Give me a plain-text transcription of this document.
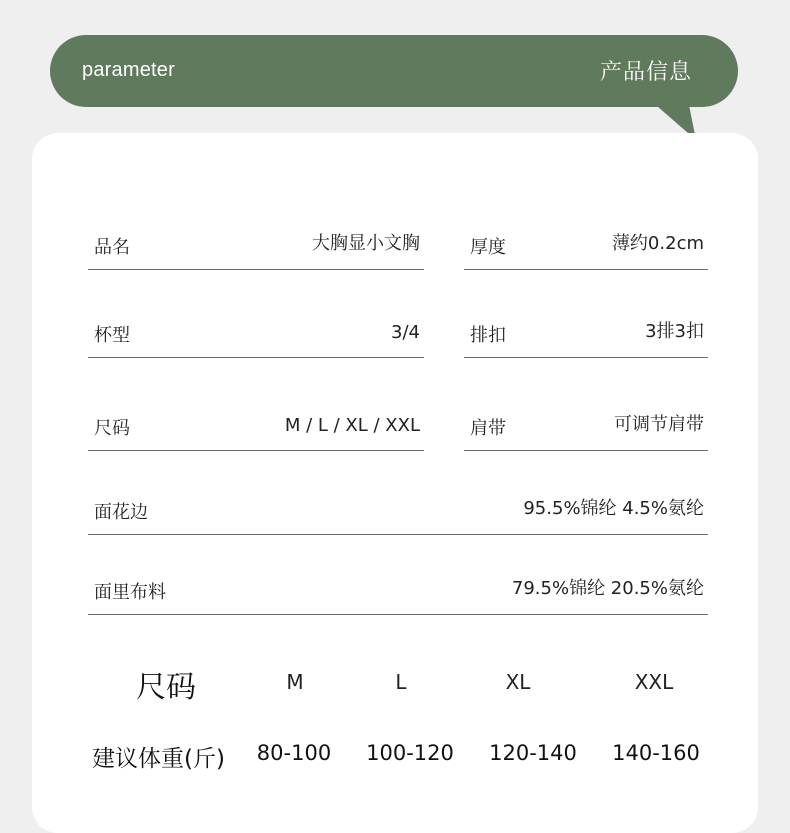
parameter	产品信息
品名	大胸显小文胸	厚度	薄约0.2cm
杯型	3/4	排扣	3排3扣
尺码	M / L / XL / XXL	肩带	可调节肩带
面花边	95.5%锦纶 4.5%氨纶
面里布料	79.5%锦纶 20.5%氨纶
尺码	M	L	XL	XXL
建议体重(斤)	80-100	100-120	120-140	140-160
